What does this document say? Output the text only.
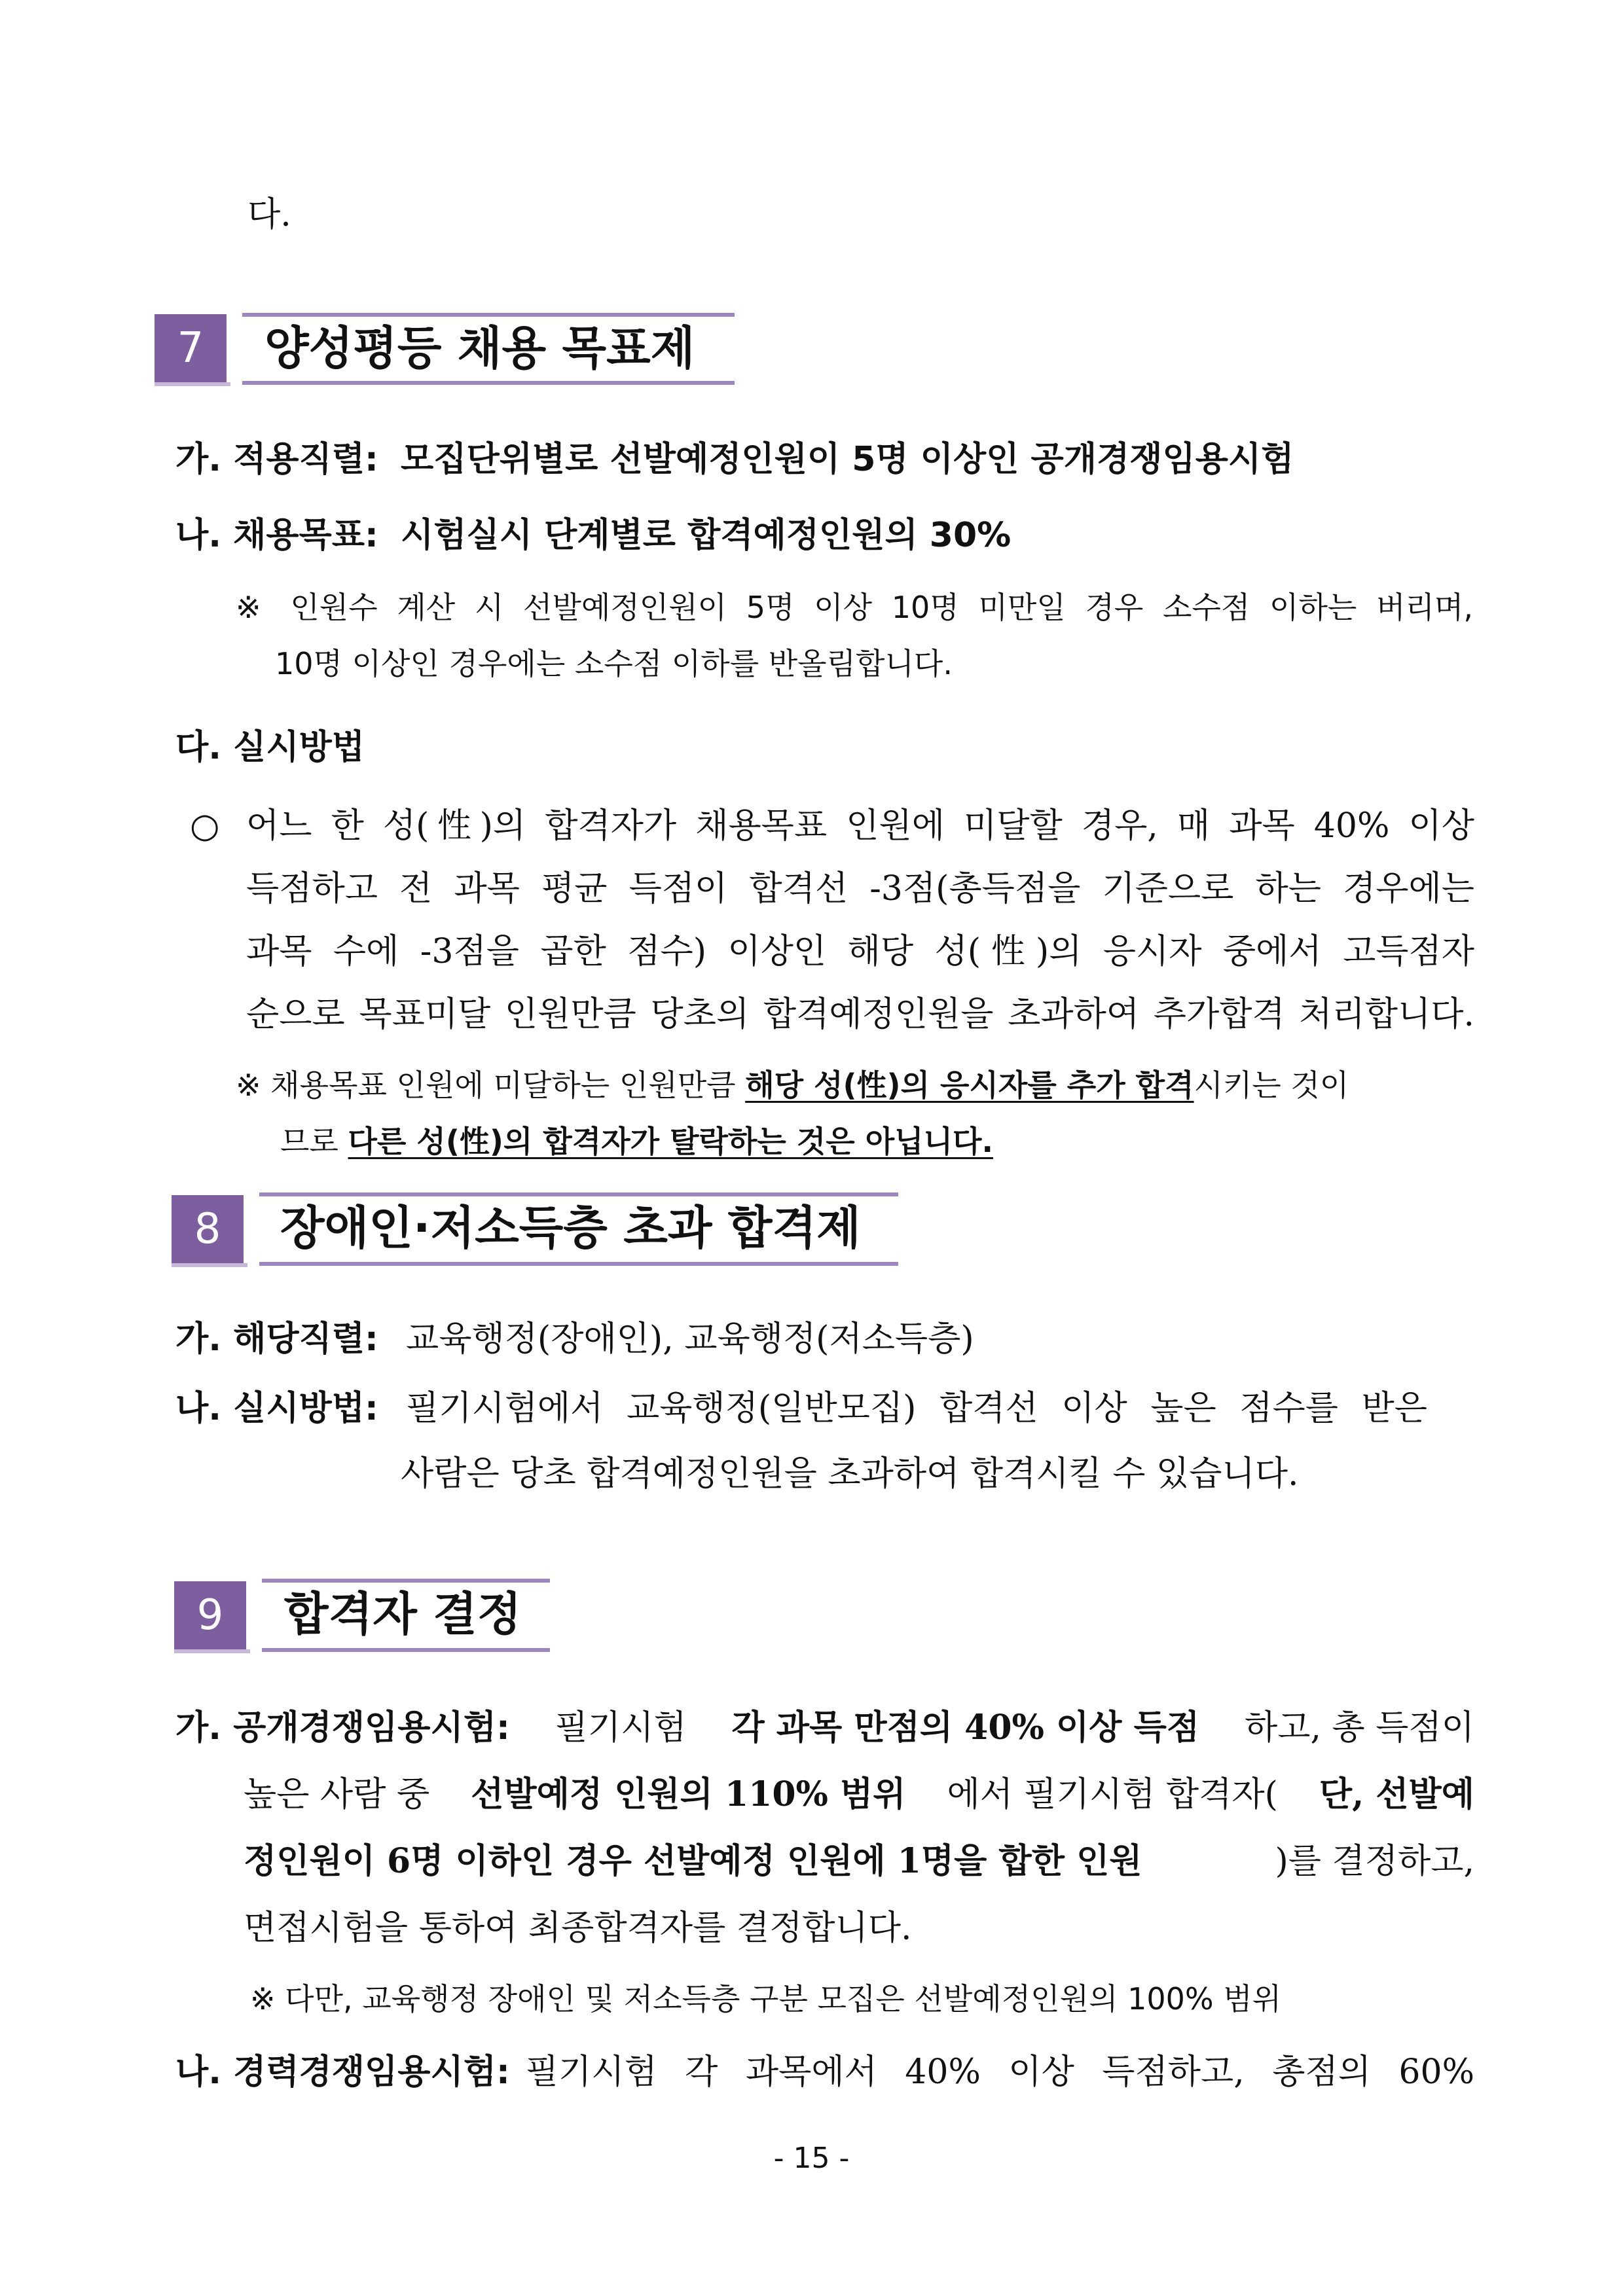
다.
7	양성평등 채용 목표제
가. 적용직렬: 모집단위별로 선발예정인원이 5명 이상인 공개경쟁임용시험
나. 채용목표: 시험실시 단계별로 합격예정인원의 30%
※ 인원수 계산 시 선발예정인원이 5명 이상 10명 미만일 경우 소수점 이하는 버리며,
10명 이상인 경우에는 소수점 이하를 반올림합니다.
다. 실시방법
○ 어느 한 성(性)의 합격자가 채용목표 인원에 미달할 경우, 매 과목 40% 이상
득점하고 전 과목 평균 득점이 합격선 -3점(총득점을 기준으로 하는 경우에는
과목 수에 -3점을 곱한 점수) 이상인 해당 성(性)의 응시자 중에서 고득점자
순으로 목표미달 인원만큼 당초의 합격예정인원을 초과하여 추가합격 처리합니다.
※ 채용목표 인원에 미달하는 인원만큼 해당 성(性)의 응시자를 추가 합격시키는 것이
므로 다른 성(性)의 합격자가 탈락하는 것은 아닙니다.
8	장애인·저소득층 초과 합격제
가. 해당직렬: 교육행정(장애인), 교육행정(저소득층)
나. 실시방법: 필기시험에서 교육행정(일반모집) 합격선 이상 높은 점수를 받은
사람은 당초 합격예정인원을 초과하여 합격시킬 수 있습니다.
9	합격자 결정
가. 공개경쟁임용시험: 필기시험 각 과목 만점의 40% 이상 득점 하고, 총 득점이
높은 사람 중 선발예정 인원의 110% 범위 에서 필기시험 합격자( 단, 선발예
정인원이 6명 이하인 경우 선발예정 인원에 1명을 합한 인원	)를 결정하고,
면접시험을 통하여 최종합격자를 결정합니다.
※ 다만, 교육행정 장애인 및 저소득층 구분 모집은 선발예정인원의 100% 범위
나. 경력경쟁임용시험: 필기시험 각 과목에서 40% 이상 득점하고, 총점의 60%
- 15 -
